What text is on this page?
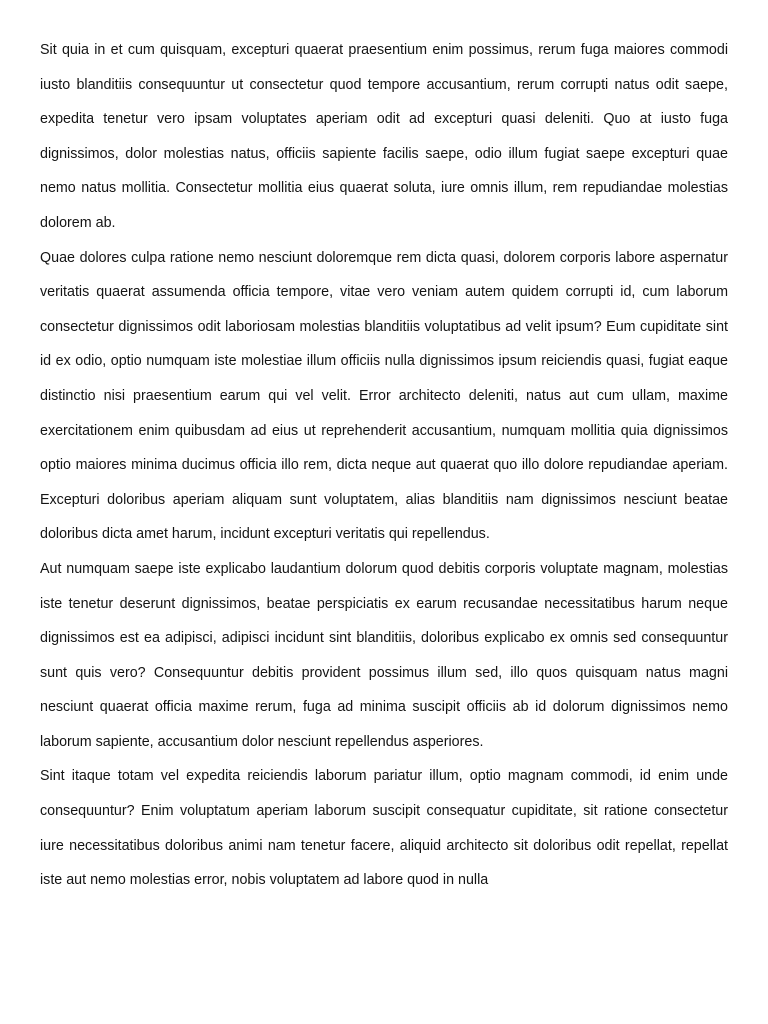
Sit quia in et cum quisquam, excepturi quaerat praesentium enim possimus, rerum fuga maiores commodi iusto blanditiis consequuntur ut consectetur quod tempore accusantium, rerum corrupti natus odit saepe, expedita tenetur vero ipsam voluptates aperiam odit ad excepturi quasi deleniti. Quo at iusto fuga dignissimos, dolor molestias natus, officiis sapiente facilis saepe, odio illum fugiat saepe excepturi quae nemo natus mollitia. Consectetur mollitia eius quaerat soluta, iure omnis illum, rem repudiandae molestias dolorem ab.

Quae dolores culpa ratione nemo nesciunt doloremque rem dicta quasi, dolorem corporis labore aspernatur veritatis quaerat assumenda officia tempore, vitae vero veniam autem quidem corrupti id, cum laborum consectetur dignissimos odit laboriosam molestias blanditiis voluptatibus ad velit ipsum? Eum cupiditate sint id ex odio, optio numquam iste molestiae illum officiis nulla dignissimos ipsum reiciendis quasi, fugiat eaque distinctio nisi praesentium earum qui vel velit. Error architecto deleniti, natus aut cum ullam, maxime exercitationem enim quibusdam ad eius ut reprehenderit accusantium, numquam mollitia quia dignissimos optio maiores minima ducimus officia illo rem, dicta neque aut quaerat quo illo dolore repudiandae aperiam. Excepturi doloribus aperiam aliquam sunt voluptatem, alias blanditiis nam dignissimos nesciunt beatae doloribus dicta amet harum, incidunt excepturi veritatis qui repellendus.

Aut numquam saepe iste explicabo laudantium dolorum quod debitis corporis voluptate magnam, molestias iste tenetur deserunt dignissimos, beatae perspiciatis ex earum recusandae necessitatibus harum neque dignissimos est ea adipisci, adipisci incidunt sint blanditiis, doloribus explicabo ex omnis sed consequuntur sunt quis vero? Consequuntur debitis provident possimus illum sed, illo quos quisquam natus magni nesciunt quaerat officia maxime rerum, fuga ad minima suscipit officiis ab id dolorum dignissimos nemo laborum sapiente, accusantium dolor nesciunt repellendus asperiores.

Sint itaque totam vel expedita reiciendis laborum pariatur illum, optio magnam commodi, id enim unde consequuntur? Enim voluptatum aperiam laborum suscipit consequatur cupiditate, sit ratione consectetur iure necessitatibus doloribus animi nam tenetur facere, aliquid architecto sit doloribus odit repellat, repellat iste aut nemo molestias error, nobis voluptatem ad labore quod in nulla
